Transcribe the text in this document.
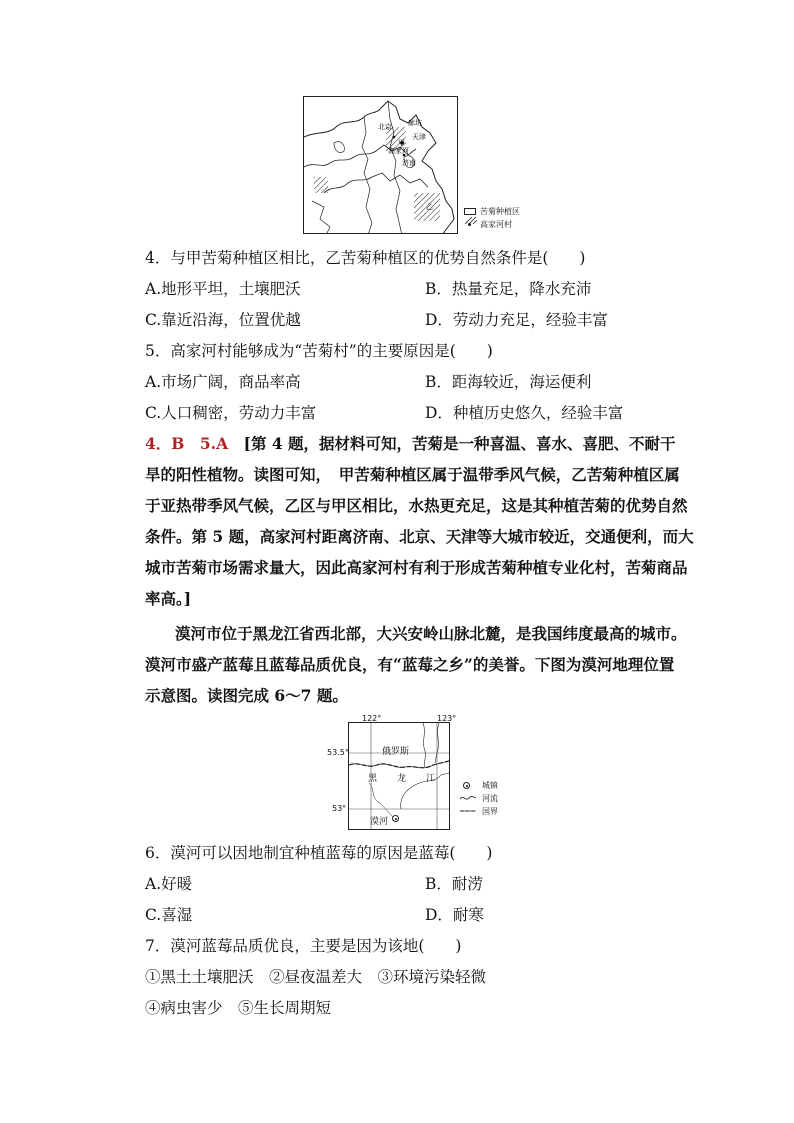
北京 廊坊
天津
高家河
济南
甲
乙	苦菊种植区
高家河村
4．与甲苦菊种植区相比，乙苦菊种植区的优势自然条件是(　　)
A.地形平坦，土壤肥沃	B．热量充足，降水充沛
C.靠近沿海，位置优越	D．劳动力充足，经验丰富
5．高家河村能够成为“苦菊村”的主要原因是(　　)
A.市场广阔，商品率高	B．距海较近，海运便利
C.人口稠密，劳动力丰富	D．种植历史悠久，经验丰富
4．B　5.A　 [第 4 题，据材料可知，苦菊是一种喜温、喜水、喜肥、不耐干
旱的阳性植物。读图可知，　甲苦菊种植区属于温带季风气候，乙苦菊种植区属
于亚热带季风气候，乙区与甲区相比，水热更充足，这是其种植苦菊的优势自然
条件。第 5 题，高家河村距离济南、北京、天津等大城市较近，交通便利，而大
城市苦菊市场需求量大，因此高家河村有利于形成苦菊种植专业化村，苦菊商品
率高。]
漠河市位于黑龙江省西北部，大兴安岭山脉北麓，是我国纬度最高的城市。
漠河市盛产蓝莓且蓝莓品质优良，有“蓝莓之乡”的美誉。下图为漠河地理位置
示意图。读图完成 6～7 题。
122°	123°
53.5°
53°
俄罗斯
黑 龙 江
漠河
城镇
河流
国界
6．漠河可以因地制宜种植蓝莓的原因是蓝莓(　　)
A.好暖	B．耐涝
C.喜湿	D．耐寒
7．漠河蓝莓品质优良，主要是因为该地(　　)
①黑土土壤肥沃　②昼夜温差大　③环境污染轻微
④病虫害少　⑤生长周期短
